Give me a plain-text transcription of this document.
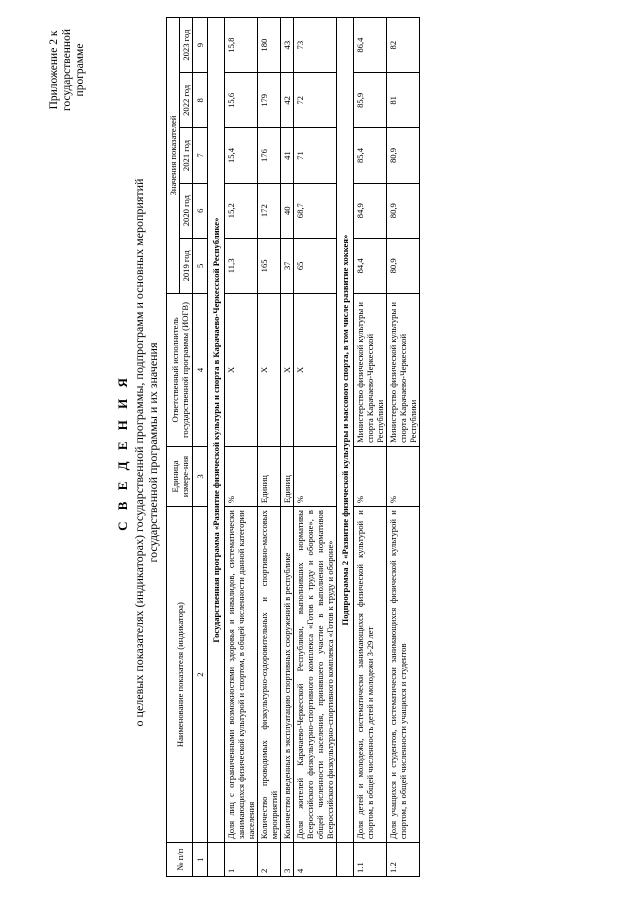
Приложение 2 к государственной программе
С В Е Д Е Н И Я о целевых показателях (индикаторах) государственной программы, подпрограмм и основных мероприятий государственной программы и их значения
№ п/п	Наименование показателя (индикатора)	Единица измере-ния	Ответственный исполнитель государственной программы (ИОГВ)	Значения показателей				
				2019 год	2020 год	2021 год	2022 год	2023 год
1	2	3	4	5	6	7	8	9
	Государственная программа «Развитие физической культуры и спорта в Карачаево-Черкесской Республике»							
1	Доля лиц с ограниченными возможностями здоровья и инвалидов, систематически занимающихся физической культурой и спортом, в общей численности данной категории населения	%	X	11,3	15,2	15,4	15,6	15,8
2	Количество проводимых физкультурно-оздоровительных и спортивно-массовых мероприятий	Единиц	X	165	172	176	179	180
3	Количество введенных в эксплуатацию спортивных сооружений в республике	Единиц	X	37	40	41	42	43
4	Доля жителей Карачаево-Черкесской Республики, выполнивших нормативы Всероссийского физкультурно-спортивного комплекса «Готов к труду и обороне», в общей численности населения, принявшего участие в выполнении нормативов Всероссийского физкультурно-спортивного комплекса «Готов к труду и обороне»	%	X	65	68,7	71	72	73
	Подпрограмма 2 «Развитие физической культуры и массового спорта, в том числе развитие хоккея»							
1.1	Доля детей и молодежи, систематически занимающихся физической культурой и спортом, в общей численность детей и молодежи 3-29 лет	%	Министерство физической культуры и спорта Карачаево-Черкесской Республики	84,4	84,9	85,4	85,9	86,4
1.2	Доля учащихся и студентов, систематически занимающихся физической культурой и спортом, в общей численности учащихся и студентов	%	Министерство физической культуры и спорта Карачаево-Черкесской Республики	80,9	80,9	80,9	81	82
